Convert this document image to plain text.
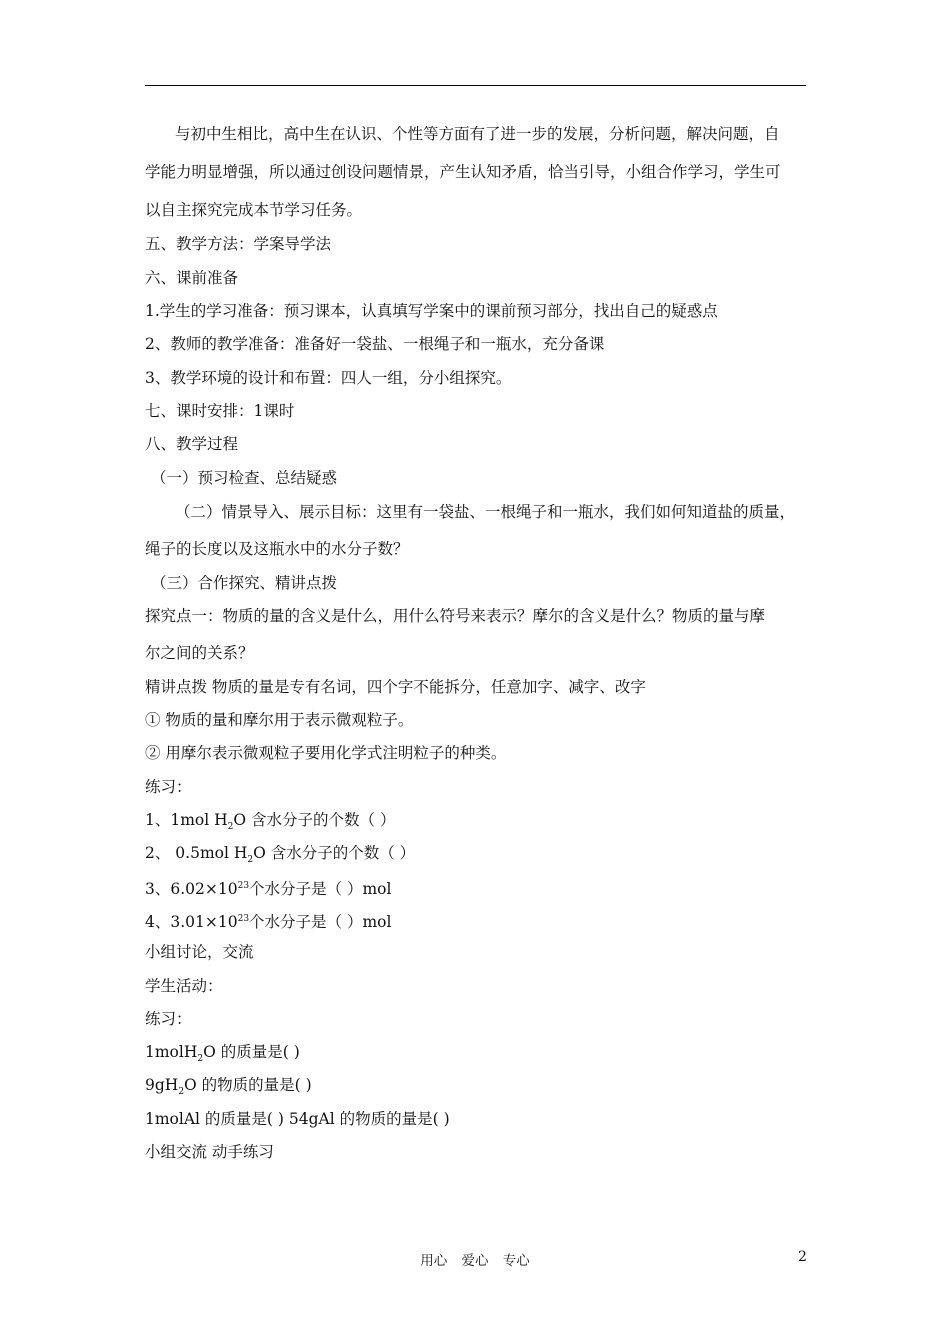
与初中生相比，高中生在认识、个性等方面有了进一步的发展，分析问题，解决问题，自
学能力明显增强，所以通过创设问题情景，产生认知矛盾，恰当引导，小组合作学习，学生可
以自主探究完成本节学习任务。
五、教学方法：学案导学法
六、课前准备
1.学生的学习准备：预习课本，认真填写学案中的课前预习部分，找出自己的疑惑点
2、教师的教学准备：准备好一袋盐、一根绳子和一瓶水，充分备课
3、教学环境的设计和布置：四人一组，分小组探究。
七、课时安排：1课时
八、教学过程
（一）预习检查、总结疑惑
（二）情景导入、展示目标：这里有一袋盐、一根绳子和一瓶水，我们如何知道盐的质量，
绳子的长度以及这瓶水中的水分子数？
（三）合作探究、精讲点拨
探究点一：物质的量的含义是什么，用什么符号来表示？摩尔的含义是什么？物质的量与摩
尔之间的关系？
精讲点拨 物质的量是专有名词，四个字不能拆分，任意加字、减字、改字
① 物质的量和摩尔用于表示微观粒子。
② 用摩尔表示微观粒子要用化学式注明粒子的种类。
练习：
1、1mol $H_2O$ 含水分子的个数（ ）
2、 0.5mol $H_2O$ 含水分子的个数（ ）
3、$6.02\times 10^{23}$个水分子是（ ）mol
4、$3.01\times 10^{23}$个水分子是（ ）mol
小组讨论，交流
学生活动：
练习：
1molH$_2$O 的质量是( )
$9gH_2O$ 的物质的量是( )
1molAl 的质量是( ) 54gAl 的物质的量是( )
小组交流 动手练习
用心 爱心 专心	2
